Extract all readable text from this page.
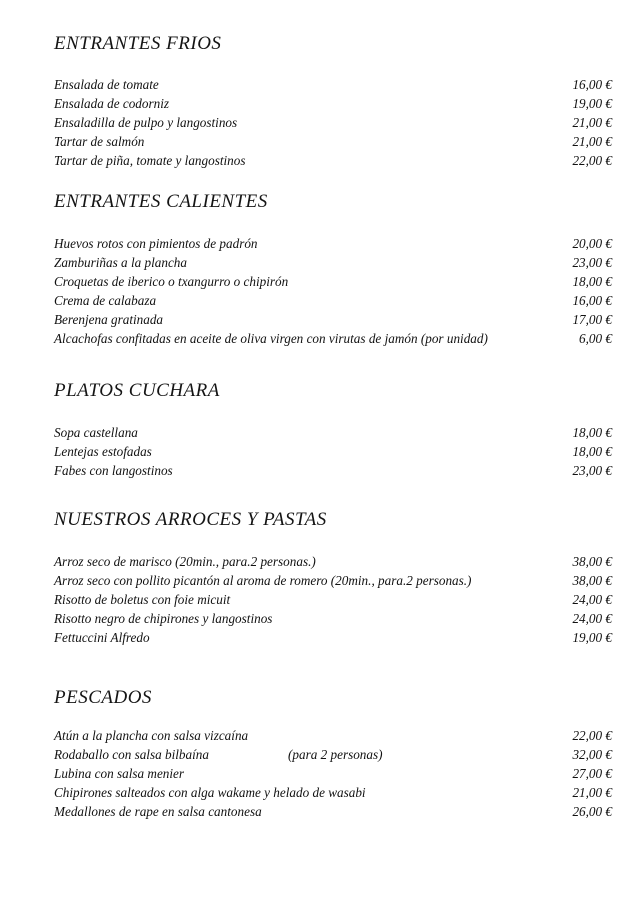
ENTRANTES FRIOS
Ensalada de tomate	16,00 €
Ensalada de codorniz	19,00 €
Ensaladilla de pulpo y langostinos	21,00 €
Tartar de salmón	21,00 €
Tartar de piña, tomate y langostinos	22,00 €
ENTRANTES CALIENTES
Huevos rotos con pimientos de padrón	20,00 €
Zamburiñas a la plancha	23,00 €
Croquetas de iberico o txangurro o chipirón	18,00 €
Crema de calabaza	16,00 €
Berenjena gratinada	17,00 €
Alcachofas confitadas en aceite de oliva virgen con virutas de jamón (por unidad)	6,00 €
PLATOS CUCHARA
Sopa castellana	18,00 €
Lentejas estofadas	18,00 €
Fabes con langostinos	23,00 €
NUESTROS ARROCES Y PASTAS
Arroz seco de marisco (20min., para.2 personas.)	38,00 €
Arroz seco con pollito picantón al aroma de romero (20min., para.2 personas.)	38,00 €
Risotto de boletus con foie micuit	24,00 €
Risotto negro de chipirones y langostinos	24,00 €
Fettuccini Alfredo	19,00 €
PESCADOS
Atún a la plancha con salsa vizcaína	22,00 €
Rodaballo con salsa bilbaína	(para 2 personas)	32,00 €
Lubina con salsa menier	27,00 €
Chipirones salteados con alga wakame y helado de wasabi	21,00 €
Medallones de rape en salsa cantonesa	26,00 €
